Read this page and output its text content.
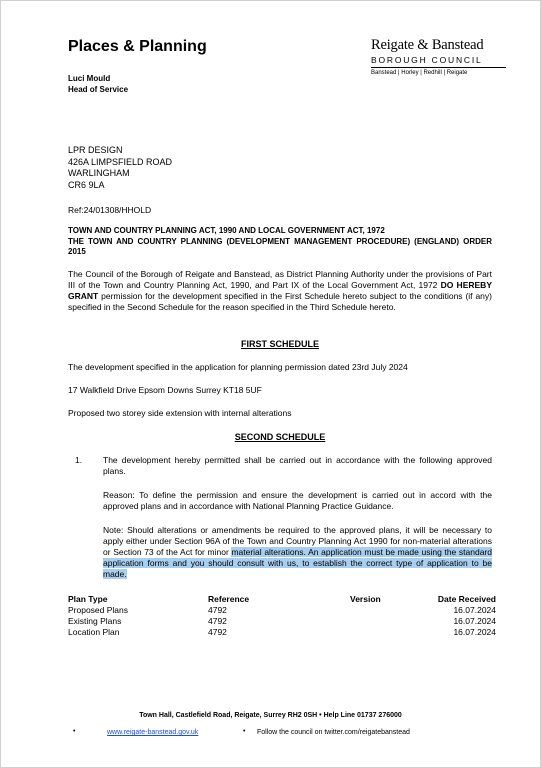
Places & Planning
Luci Mould
Head of Service
Reigate & Banstead
BOROUGH COUNCIL
Banstead | Horley | Redhill | Reigate
LPR DESIGN
426A LIMPSFIELD ROAD
WARLINGHAM
CR6 9LA
Ref:24/01308/HHOLD
TOWN AND COUNTRY PLANNING ACT, 1990 AND LOCAL GOVERNMENT ACT, 1972
THE TOWN AND COUNTRY PLANNING (DEVELOPMENT MANAGEMENT PROCEDURE) (ENGLAND) ORDER 2015
The Council of the Borough of Reigate and Banstead, as District Planning Authority under the provisions of Part III of the Town and Country Planning Act, 1990, and Part IX of the Local Government Act, 1972 DO HEREBY GRANT permission for the development specified in the First Schedule hereto subject to the conditions (if any) specified in the Second Schedule for the reason specified in the Third Schedule hereto.
FIRST SCHEDULE
The development specified in the application for planning permission dated 23rd July 2024
17 Walkfield Drive Epsom Downs Surrey KT18 5UF
Proposed two storey side extension with internal alterations
SECOND SCHEDULE
1. The development hereby permitted shall be carried out in accordance with the following approved plans.
Reason: To define the permission and ensure the development is carried out in accord with the approved plans and in accordance with National Planning Practice Guidance.
Note: Should alterations or amendments be required to the approved plans, it will be necessary to apply either under Section 96A of the Town and Country Planning Act 1990 for non-material alterations or Section 73 of the Act for minor material alterations. An application must be made using the standard application forms and you should consult with us, to establish the correct type of application to be made.
Plan Type	Reference	Version	Date Received
Proposed Plans	4792		16.07.2024
Existing Plans	4792		16.07.2024
Location Plan	4792		16.07.2024
Town Hall, Castlefield Road, Reigate, Surrey RH2 0SH • Help Line 01737 276000
•	www.reigate-banstead.gov.uk	• Follow the council on twitter.com/reigatebanstead
